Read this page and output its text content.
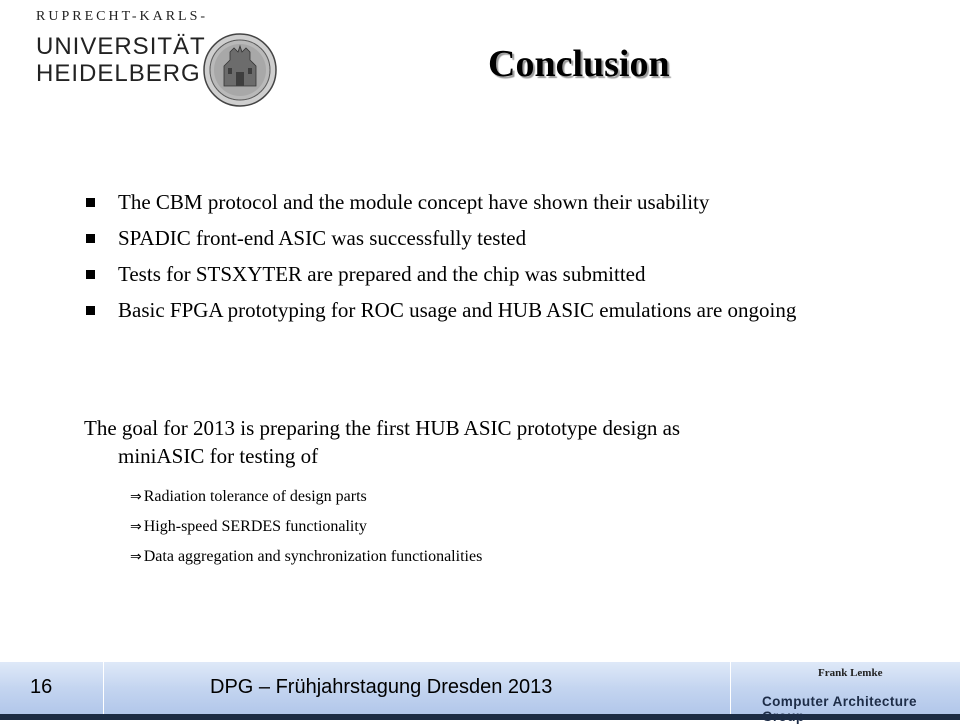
RUPRECHT-KARLS-
UNIVERSITÄT
HEIDELBERG	Conclusion
The CBM protocol and the module concept have shown their usability
SPADIC front-end ASIC was successfully tested
Tests for STSXYTER are prepared and the chip was submitted
Basic FPGA prototyping for ROC usage and HUB ASIC emulations are ongoing
The goal for 2013 is preparing the first HUB ASIC prototype design as
miniASIC for testing of
⇒ Radiation tolerance of design parts
⇒ High-speed SERDES functionality
⇒ Data aggregation and synchronization functionalities
16	DPG – Frühjahrstagung Dresden 2013
Frank Lemke
Computer Architecture Group
